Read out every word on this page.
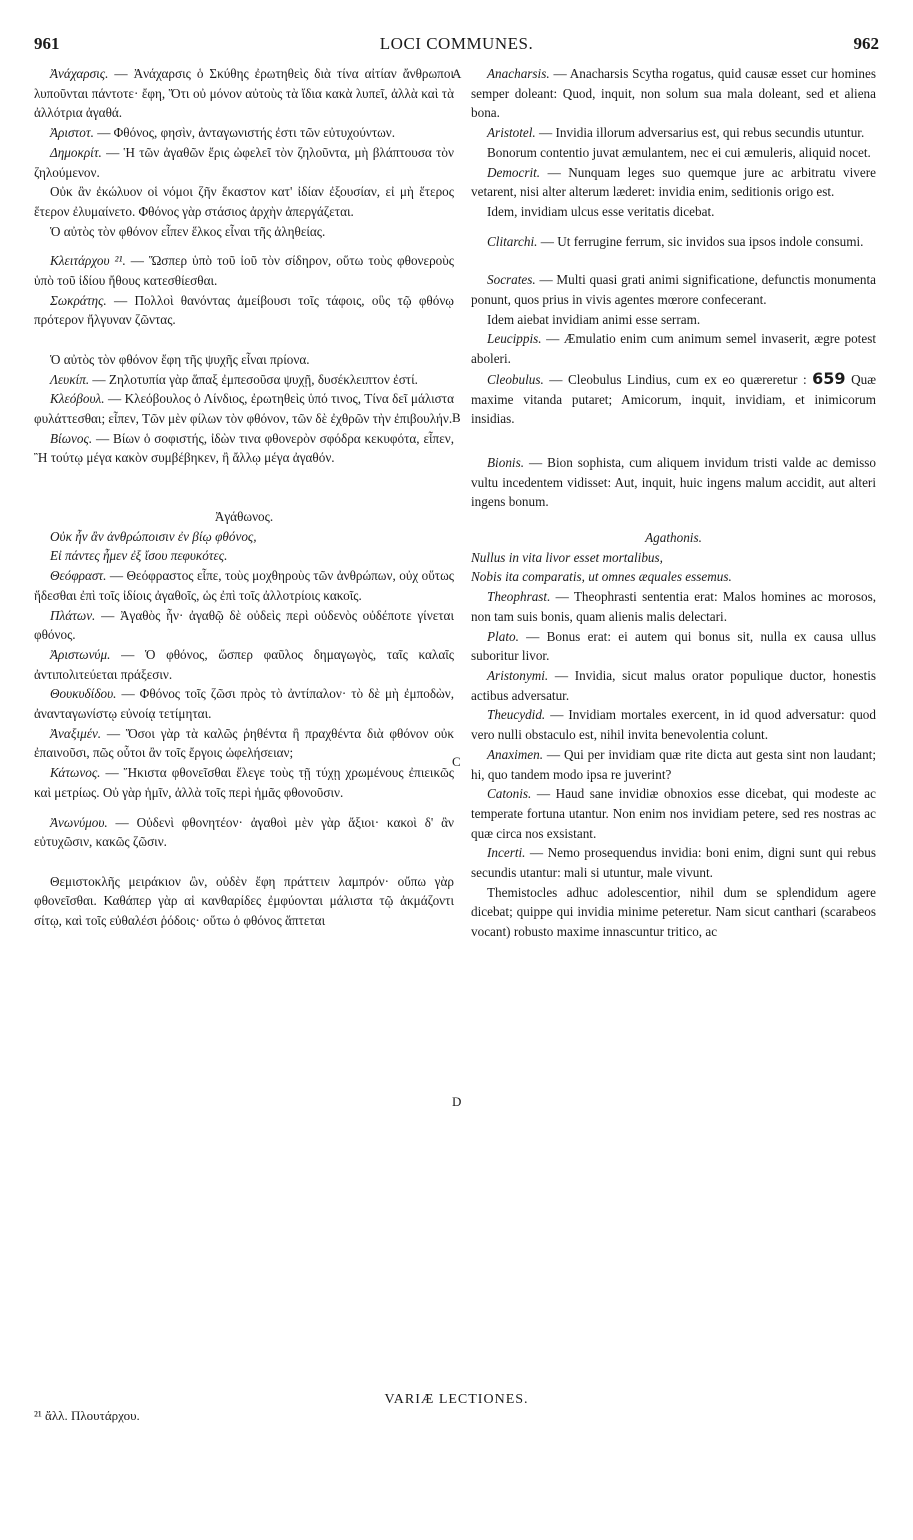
961	LOCI COMMUNES.	962
A
B
C
D

Ἀνάχαρσις. — Ἀνάχαρσις ὁ Σκύθης ἐρωτηθεὶς διὰ τίνα αἰτίαν ἄνθρωποι λυποῦνται πάντοτε· ἔφη, Ὅτι οὐ μόνον αὐτοὺς τὰ ἴδια κακὰ λυπεῖ, ἀλλὰ καὶ τὰ ἀλλότρια ἀγαθά.

Ἀριστοτ. — Φθόνος, φησὶν, ἀνταγωνιστής ἐστι τῶν εὐτυχούντων.

Δημοκρίτ. — Ἡ τῶν ἀγαθῶν ἔρις ὠφελεῖ τὸν ζηλοῦντα, μὴ βλάπτουσα τὸν ζηλούμενον.

Οὐκ ἂν ἐκώλυον οἱ νόμοι ζῆν ἕκαστον κατ' ἰδίαν ἐξουσίαν, εἰ μὴ ἕτερος ἕτερον ἐλυμαίνετο. Φθόνος γὰρ στάσιος ἀρχὴν ἀπεργάζεται.

Ὁ αὐτὸς τὸν φθόνον εἶπεν ἕλκος εἶναι τῆς ἀληθείας.

Κλειτάρχου ²¹. — Ὥσπερ ὑπὸ τοῦ ἰοῦ τὸν σίδηρον, οὕτω τοὺς φθονεροὺς ὑπὸ τοῦ ἰδίου ἤθους κατεσθίεσθαι.

Σωκράτης. — Πολλοὶ θανόντας ἀμείβουσι τοῖς τάφοις, οὓς τῷ φθόνῳ πρότερον ἤλγυναν ζῶντας.

Ὁ αὐτὸς τὸν φθόνον ἔφη τῆς ψυχῆς εἶναι πρίονα.

Λευκίπ. — Ζηλοτυπία γὰρ ἅπαξ ἐμπεσοῦσα ψυχῇ, δυσέκλειπτον ἐστί.

Κλεόβουλ. — Κλεόβουλος ὁ Λίνδιος, ἐρωτηθεὶς ὑπό τινος, Τίνα δεῖ μάλιστα φυλάττεσθαι; εἶπεν, Τῶν μὲν φίλων τὸν φθόνον, τῶν δὲ ἐχθρῶν τὴν ἐπιβουλήν.

Βίωνος. — Βίων ὁ σοφιστής, ἰδὼν τινα φθονερὸν σφόδρα κεκυφότα, εἶπεν, Ἢ τούτῳ μέγα κακὸν συμβέβηκεν, ἢ ἄλλῳ μέγα ἀγαθόν.

Ἀγάθωνος.

Οὐκ ἦν ἂν ἀνθρώποισιν ἐν βίῳ φθόνος,

Εἰ πάντες ἦμεν ἐξ ἴσου πεφυκότες.

Θεόφραστ. — Θεόφραστος εἶπε, τοὺς μοχθηροὺς τῶν ἀνθρώπων, οὐχ οὕτως ἥδεσθαι ἐπὶ τοῖς ἰδίοις ἀγαθοῖς, ὡς ἐπὶ τοῖς ἀλλοτρίοις κακοῖς.

Πλάτων. — Ἀγαθὸς ἦν· ἀγαθῷ δὲ οὐδεὶς περὶ οὐδενὸς οὐδέποτε γίνεται φθόνος.

Ἀριστωνύμ. — Ὁ φθόνος, ὥσπερ φαῦλος δημαγωγὸς, ταῖς καλαῖς ἀντιπολιτεύεται πράξεσιν.

Θουκυδίδου. — Φθόνος τοῖς ζῶσι πρὸς τὸ ἀντίπαλον· τὸ δὲ μὴ ἐμποδὼν, ἀνανταγωνίστῳ εὐνοίᾳ τετίμηται.

Ἀναξιμέν. — Ὅσοι γὰρ τὰ καλῶς ῥηθέντα ἢ πραχθέντα διὰ φθόνον οὐκ ἐπαινοῦσι, πῶς οὗτοι ἂν τοῖς ἔργοις ὠφελήσειαν;

Κάτωνος. — Ἥκιστα φθονεῖσθαι ἔλεγε τοὺς τῇ τύχῃ χρωμένους ἐπιεικῶς καὶ μετρίως. Οὐ γὰρ ἡμῖν, ἀλλὰ τοῖς περὶ ἡμᾶς φθονοῦσιν.

Ἀνωνύμου. — Οὐδενὶ φθονητέον· ἀγαθοὶ μὲν γὰρ ἄξιοι· κακοὶ δ' ἂν εὐτυχῶσιν, κακῶς ζῶσιν.

Θεμιστοκλῆς μειράκιον ὢν, οὐδὲν ἔφη πράττειν λαμπρόν· οὔπω γὰρ φθονεῖσθαι. Καθάπερ γὰρ αἱ κανθαρίδες ἐμφύονται μάλιστα τῷ ἀκμάζοντι σίτῳ, καὶ τοῖς εὐθαλέσι ῥόδοις· οὕτω ὁ φθόνος ἅπτεται

Anacharsis. — Anacharsis Scytha rogatus, quid causæ esset cur homines semper doleant: Quod, inquit, non solum sua mala doleant, sed et aliena bona.

Aristotel. — Invidia illorum adversarius est, qui rebus secundis utuntur.

Bonorum contentio juvat æmulantem, nec ei cui æmuleris, aliquid nocet.

Democrit. — Nunquam leges suo quemque jure ac arbitratu vivere vetarent, nisi alter alterum læderet: invidia enim, seditionis origo est.

Idem, invidiam ulcus esse veritatis dicebat.

Clitarchi. — Ut ferrugine ferrum, sic invidos sua ipsos indole consumi.

Socrates. — Multi quasi grati animi significatione, defunctis monumenta ponunt, quos prius in vivis agentes mœrore confecerant.

Idem aiebat invidiam animi esse serram.

Leucippis. — Æmulatio enim cum animum semel invaserit, ægre potest aboleri.

Cleobulus. — Cleobulus Lindius, cum ex eo quæreretur : 659 Quæ maxime vitanda putaret; Amicorum, inquit, invidiam, et inimicorum insidias.

Bionis. — Bion sophista, cum aliquem invidum tristi valde ac demisso vultu incedentem vidisset: Aut, inquit, huic ingens malum accidit, aut alteri ingens bonum.

Agathonis.

Nullus in vita livor esset mortalibus,

Nobis ita comparatis, ut omnes æquales essemus.

Theophrast. — Theophrasti sententia erat: Malos homines ac morosos, non tam suis bonis, quam alienis malis delectari.

Plato. — Bonus erat: ei autem qui bonus sit, nulla ex causa ullus suboritur livor.

Aristonymi. — Invidia, sicut malus orator populique ductor, honestis actibus adversatur.

Theucydid. — Invidiam mortales exercent, in id quod adversatur: quod vero nulli obstaculo est, nihil invita benevolentia colunt.

Anaximen. — Qui per invidiam quæ rite dicta aut gesta sint non laudant; hi, quo tandem modo ipsa re juverint?

Catonis. — Haud sane invidiæ obnoxios esse dicebat, qui modeste ac temperate fortuna utantur. Non enim nos invidiam petere, sed res nostras ac quæ circa nos exsistant.

Incerti. — Nemo prosequendus invidia: boni enim, digni sunt qui rebus secundis utantur: mali si utuntur, male vivunt.

Themistocles adhuc adolescentior, nihil dum se splendidum agere dicebat; quippe qui invidia minime peteretur. Nam sicut canthari (scarabeos vocant) robusto maxime innascuntur tritico, ac

VARIÆ LECTIONES.
²¹ ἄλλ. Πλουτάρχου.
